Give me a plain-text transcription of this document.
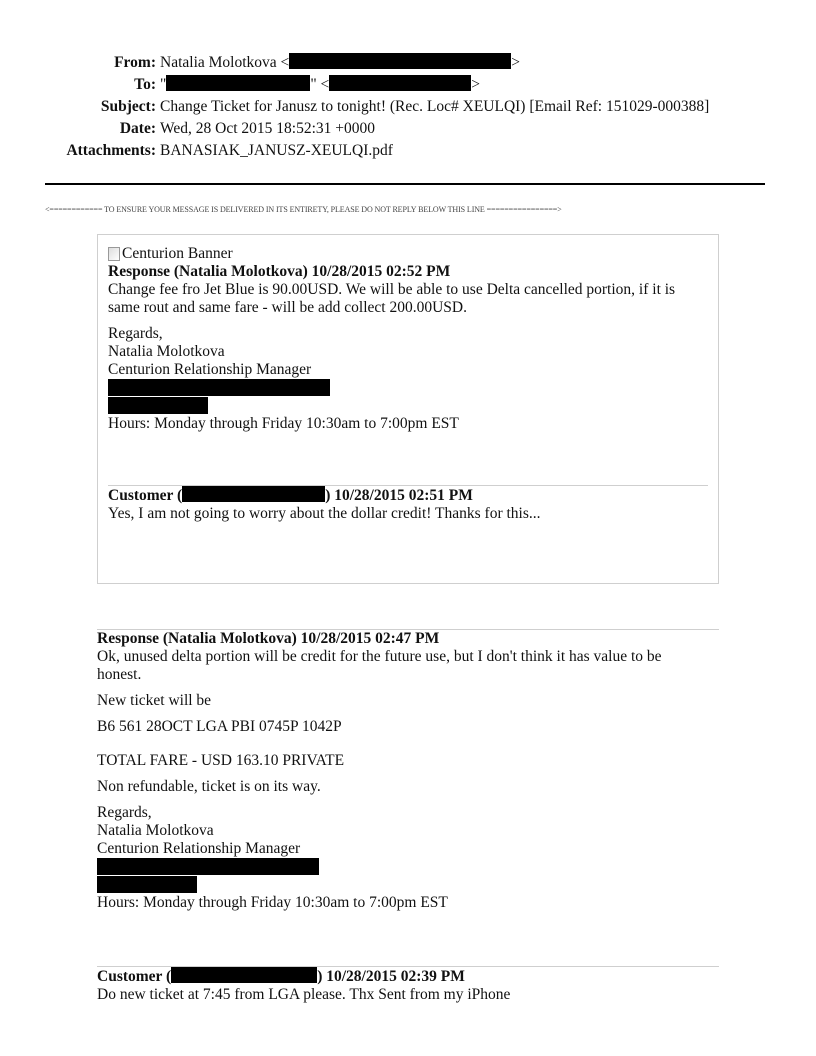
From: Natalia Molotkova <	>
To: "	" <	>
Subject: Change Ticket for Janusz to tonight! (Rec. Loc# XEULQI) [Email Ref: 151029-000388]
Date: Wed, 28 Oct 2015 18:52:31 +0000
Attachments: BANASIAK_JANUSZ-XEULQI.pdf
<============ TO ENSURE YOUR MESSAGE IS DELIVERED IN ITS ENTIRETY, PLEASE DO NOT REPLY BELOW THIS LINE ================>
Centurion Banner

Response (Natalia Molotkova) 10/28/2015 02:52 PM

Change fee fro Jet Blue is 90.00USD. We will be able to use Delta cancelled portion, if it is same rout and same fare - will be add collect 200.00USD.

Regards,

Natalia Molotkova

Centurion Relationship Manager

Hours: Monday through Friday 10:30am to 7:00pm EST

Customer (	) 10/28/2015 02:51 PM

Yes, I am not going to worry about the dollar credit! Thanks for this...

Response (Natalia Molotkova) 10/28/2015 02:47 PM

Ok, unused delta portion will be credit for the future use, but I don't think it has value to be honest.

New ticket will be

B6 561 28OCT LGA PBI 0745P 1042P

TOTAL FARE - USD 163.10 PRIVATE

Non refundable, ticket is on its way.

Regards,

Natalia Molotkova

Centurion Relationship Manager

Hours: Monday through Friday 10:30am to 7:00pm EST

Customer (	) 10/28/2015 02:39 PM

Do new ticket at 7:45 from LGA please. Thx Sent from my iPhone
